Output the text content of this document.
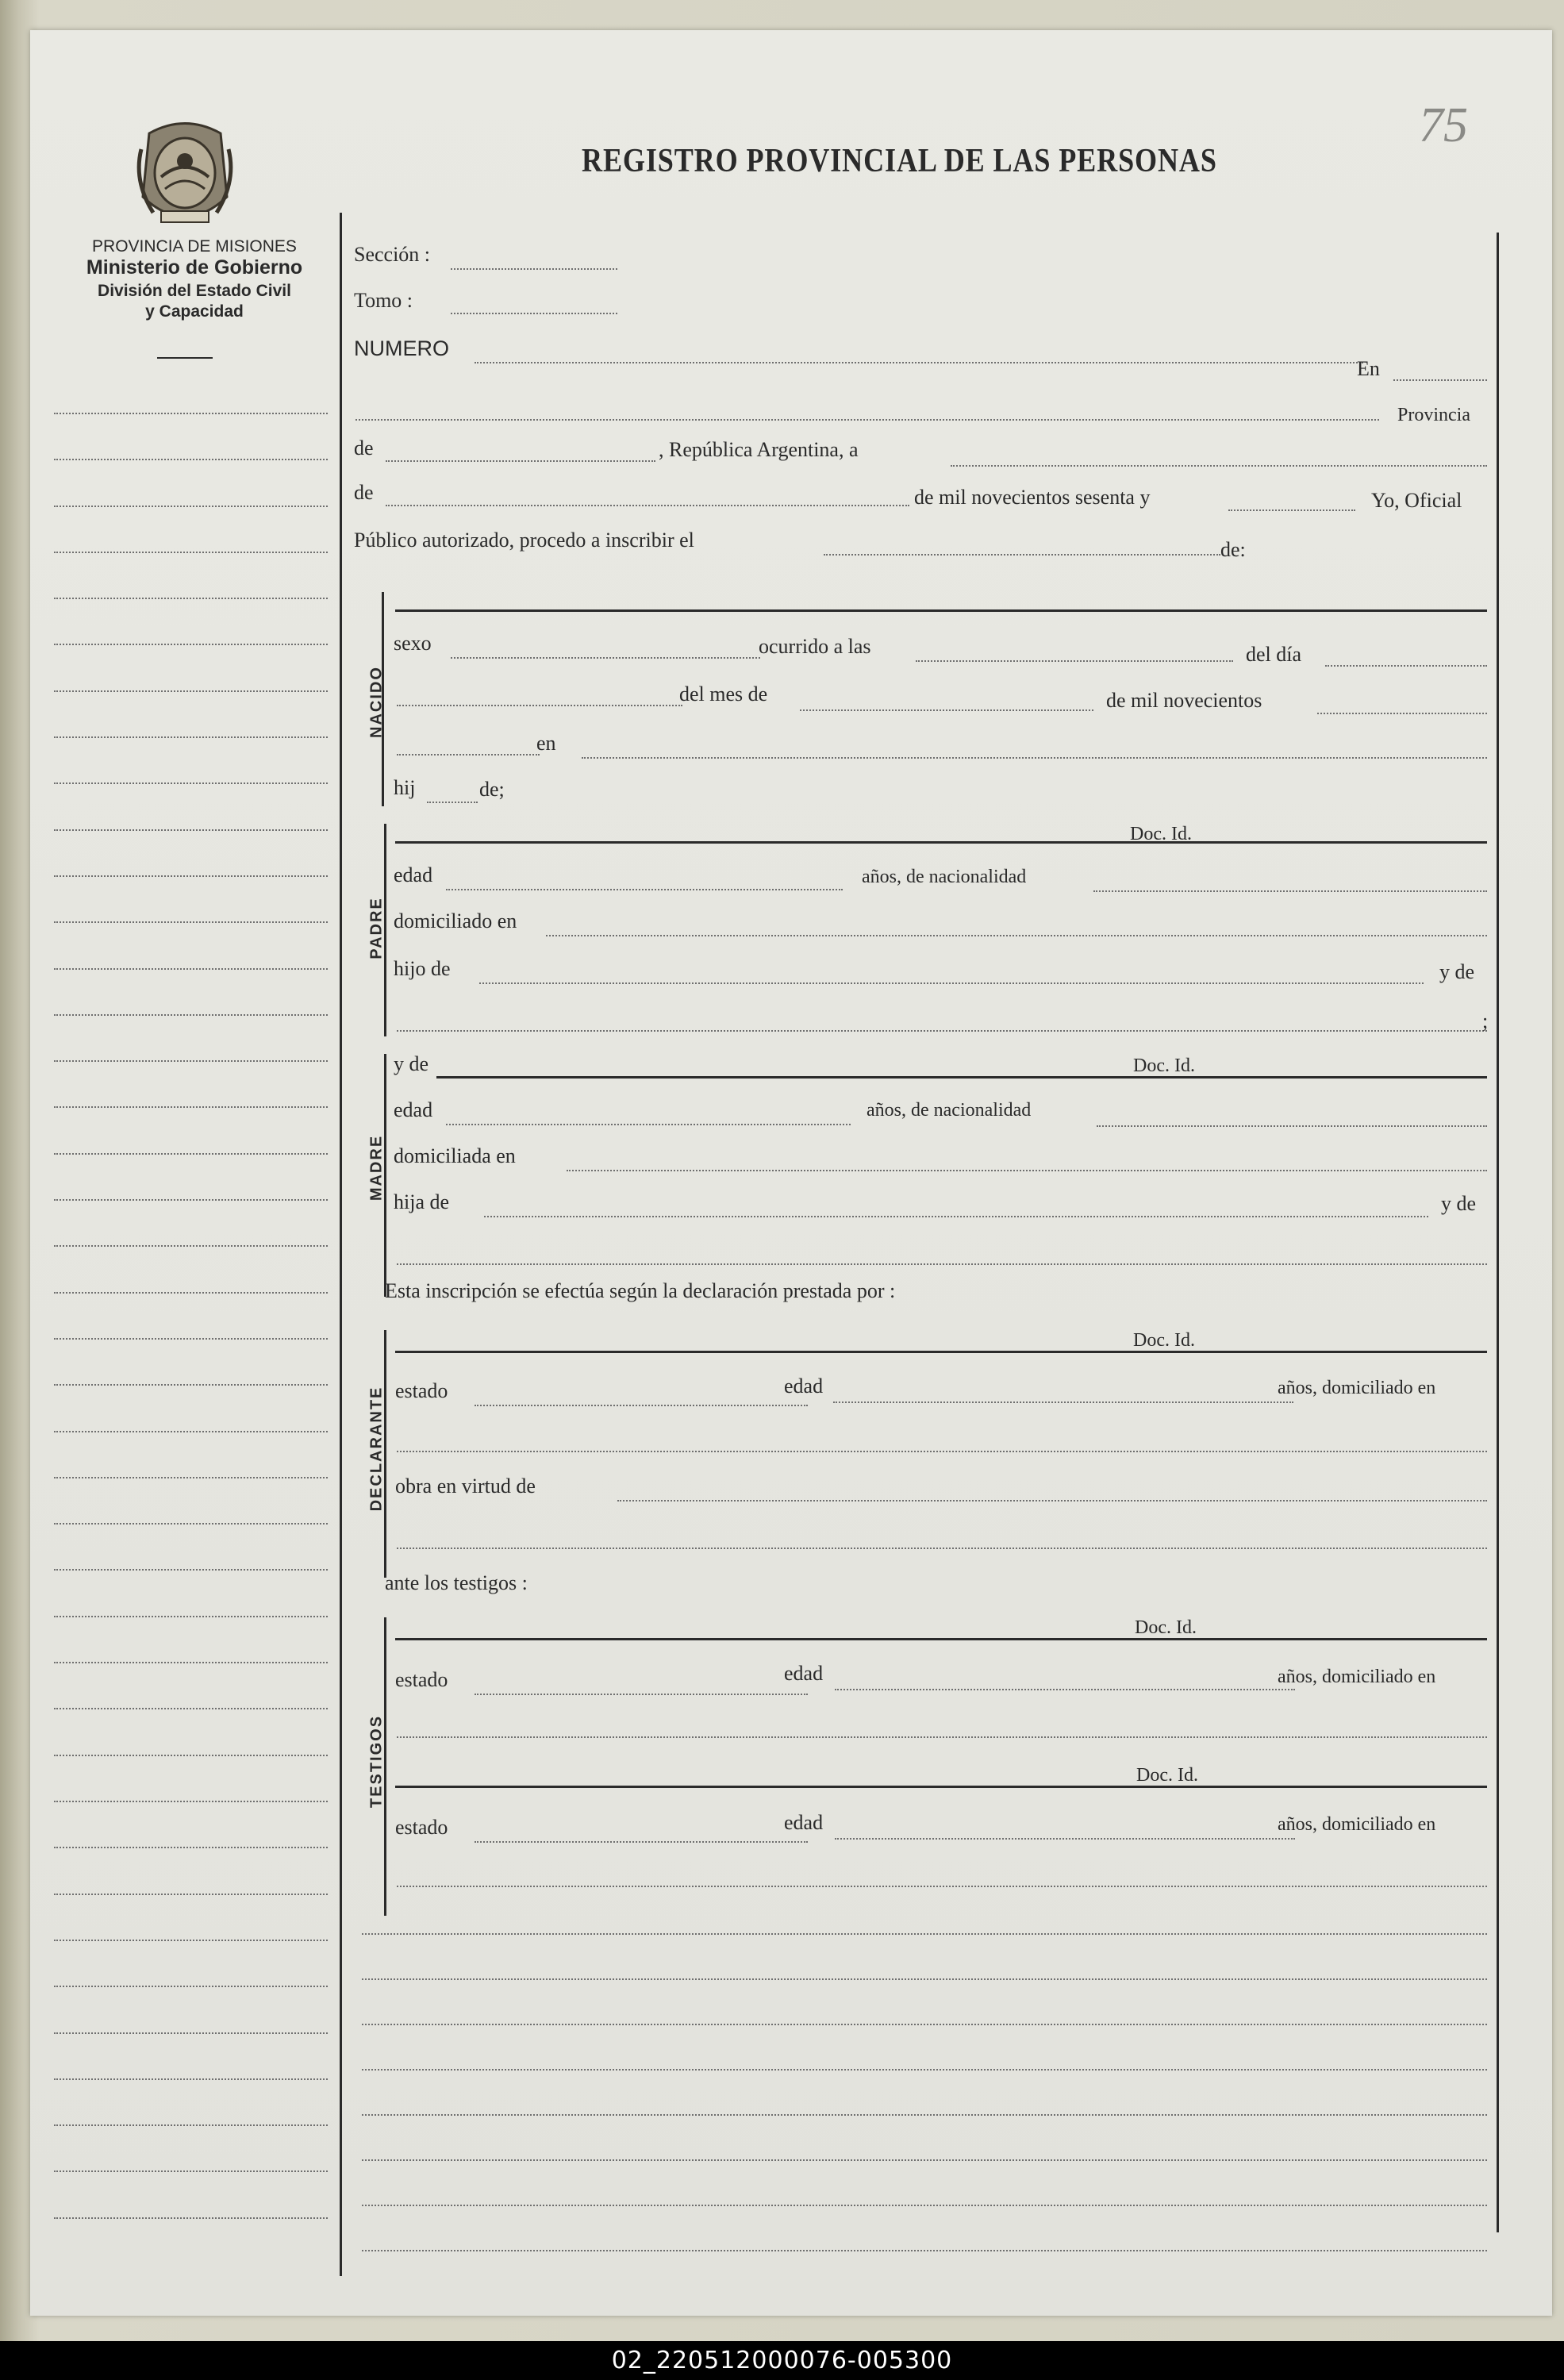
PROVINCIA DE MISIONES
Ministerio de Gobierno
División del Estado Civil
y Capacidad
REGISTRO PROVINCIAL DE LAS PERSONAS
75
Sección :
Tomo :
NUMERO
En
Provincia
de	, República Argentina, a
de	de mil novecientos sesenta y	Yo, Oficial
Público autorizado, procedo a inscribir el	de:
NACIDO
sexo	ocurrido a las	del día
del mes de	de mil novecientos
en
hij	de;
PADRE
Doc. Id.
edad	años, de nacionalidad
domiciliado en
hijo de	y de
;
MADRE
y de	Doc. Id.
edad	años, de nacionalidad
domiciliada en
hija de	y de
Esta inscripción se efectúa según la declaración prestada por :
DECLARANTE
Doc. Id.
estado	edad	años, domiciliado en
obra en virtud de
ante los testigos :
TESTIGOS
Doc. Id.
estado	edad	años, domiciliado en
Doc. Id.
estado	edad	años, domiciliado en
02_220512000076-005300
